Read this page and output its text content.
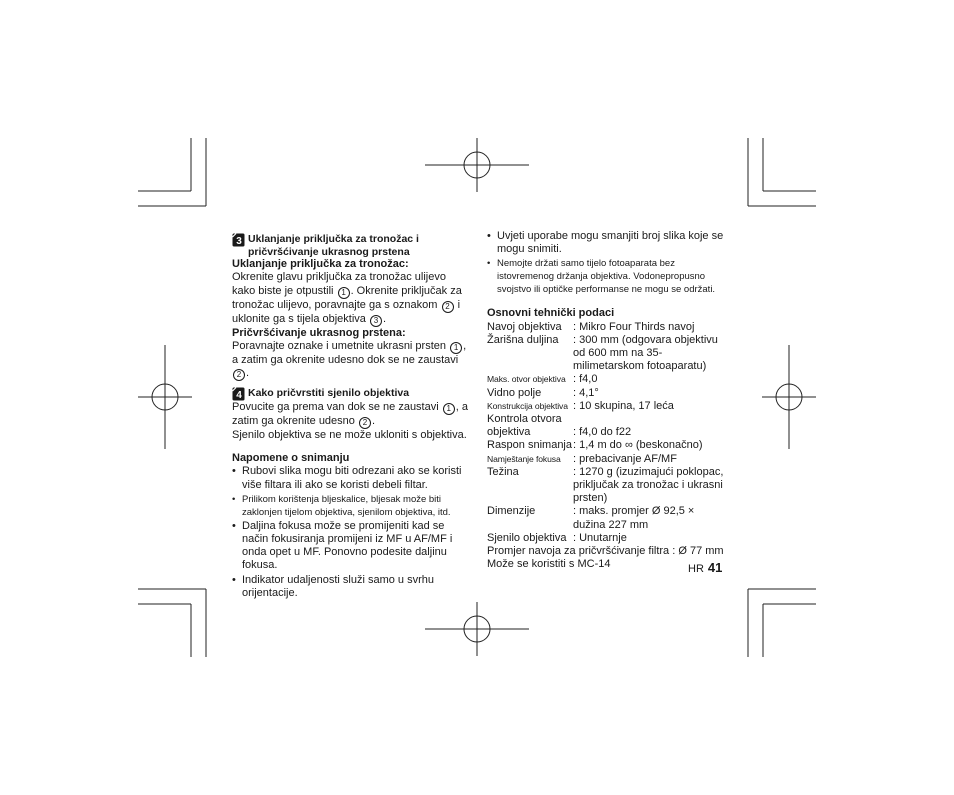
3 Uklanjanje priključka za tronožac i pričvršćivanje ukrasnog prstena

Uklanjanje priključka za tronožac:

Okrenite glavu priključka za tronožac ulijevo kako biste je otpustili 1 . Okrenite priključak za tronožac ulijevo, poravnajte ga s oznakom 2 i uklonite ga s tijela objektiva 3 .

Pričvršćivanje ukrasnog prstena:

Poravnajte oznake i umetnite ukrasni prsten 1 , a zatim ga okrenite udesno dok se ne zaustavi 2 .

4 Kako pričvrstiti sjenilo objektiva

Povucite ga prema van dok se ne zaustavi 1 , a zatim ga okrenite udesno 2 .

Sjenilo objektiva se ne može ukloniti s objektiva.

Napomene o snimanju

• Rubovi slika mogu biti odrezani ako se koristi više filtara ili ako se koristi debeli filtar.
• Prilikom korištenja bljeskalice, bljesak može biti zaklonjen tijelom objektiva, sjenilom objektiva, itd.
• Daljina fokusa može se promijeniti kad se način fokusiranja promijeni iz MF u AF/MF i onda opet u MF. Ponovno podesite daljinu fokusa.
• Indikator udaljenosti služi samo u svrhu orijentacije.
• Uvjeti uporabe mogu smanjiti broj slika koje se mogu snimiti.
• Nemojte držati samo tijelo fotoaparata bez istovremenog držanja objektiva. Vodonepropusno svojstvo ili optičke performanse ne mogu se održati.

Osnovni tehnički podaci

Navoj objektiva	: Mikro Four Thirds navoj
Žarišna duljina	: 300 mm (odgovara objektivu od 600 mm na 35-milimetarskom fotoaparatu)
Maks. otvor objektiva : f4,0
Vidno polje	: 4,1°
Konstrukcija objektiva : 10 skupina, 17 leća
Kontrola otvora
objektiva	: f4,0 do f22
Raspon snimanja : 1,4 m do ∞ (beskonačno)
Namještanje fokusa	: prebacivanje AF/MF
Težina	: 1270 g (izuzimajući poklopac, priključak za tronožac i ukrasni prsten)
Dimenzije	: maks. promjer Ø 92,5 × dužina 227 mm
Sjenilo objektiva : Unutarnje

Promjer navoja za pričvršćivanje filtra : Ø 77 mm

Može se koristiti s MC-14	HR 41
